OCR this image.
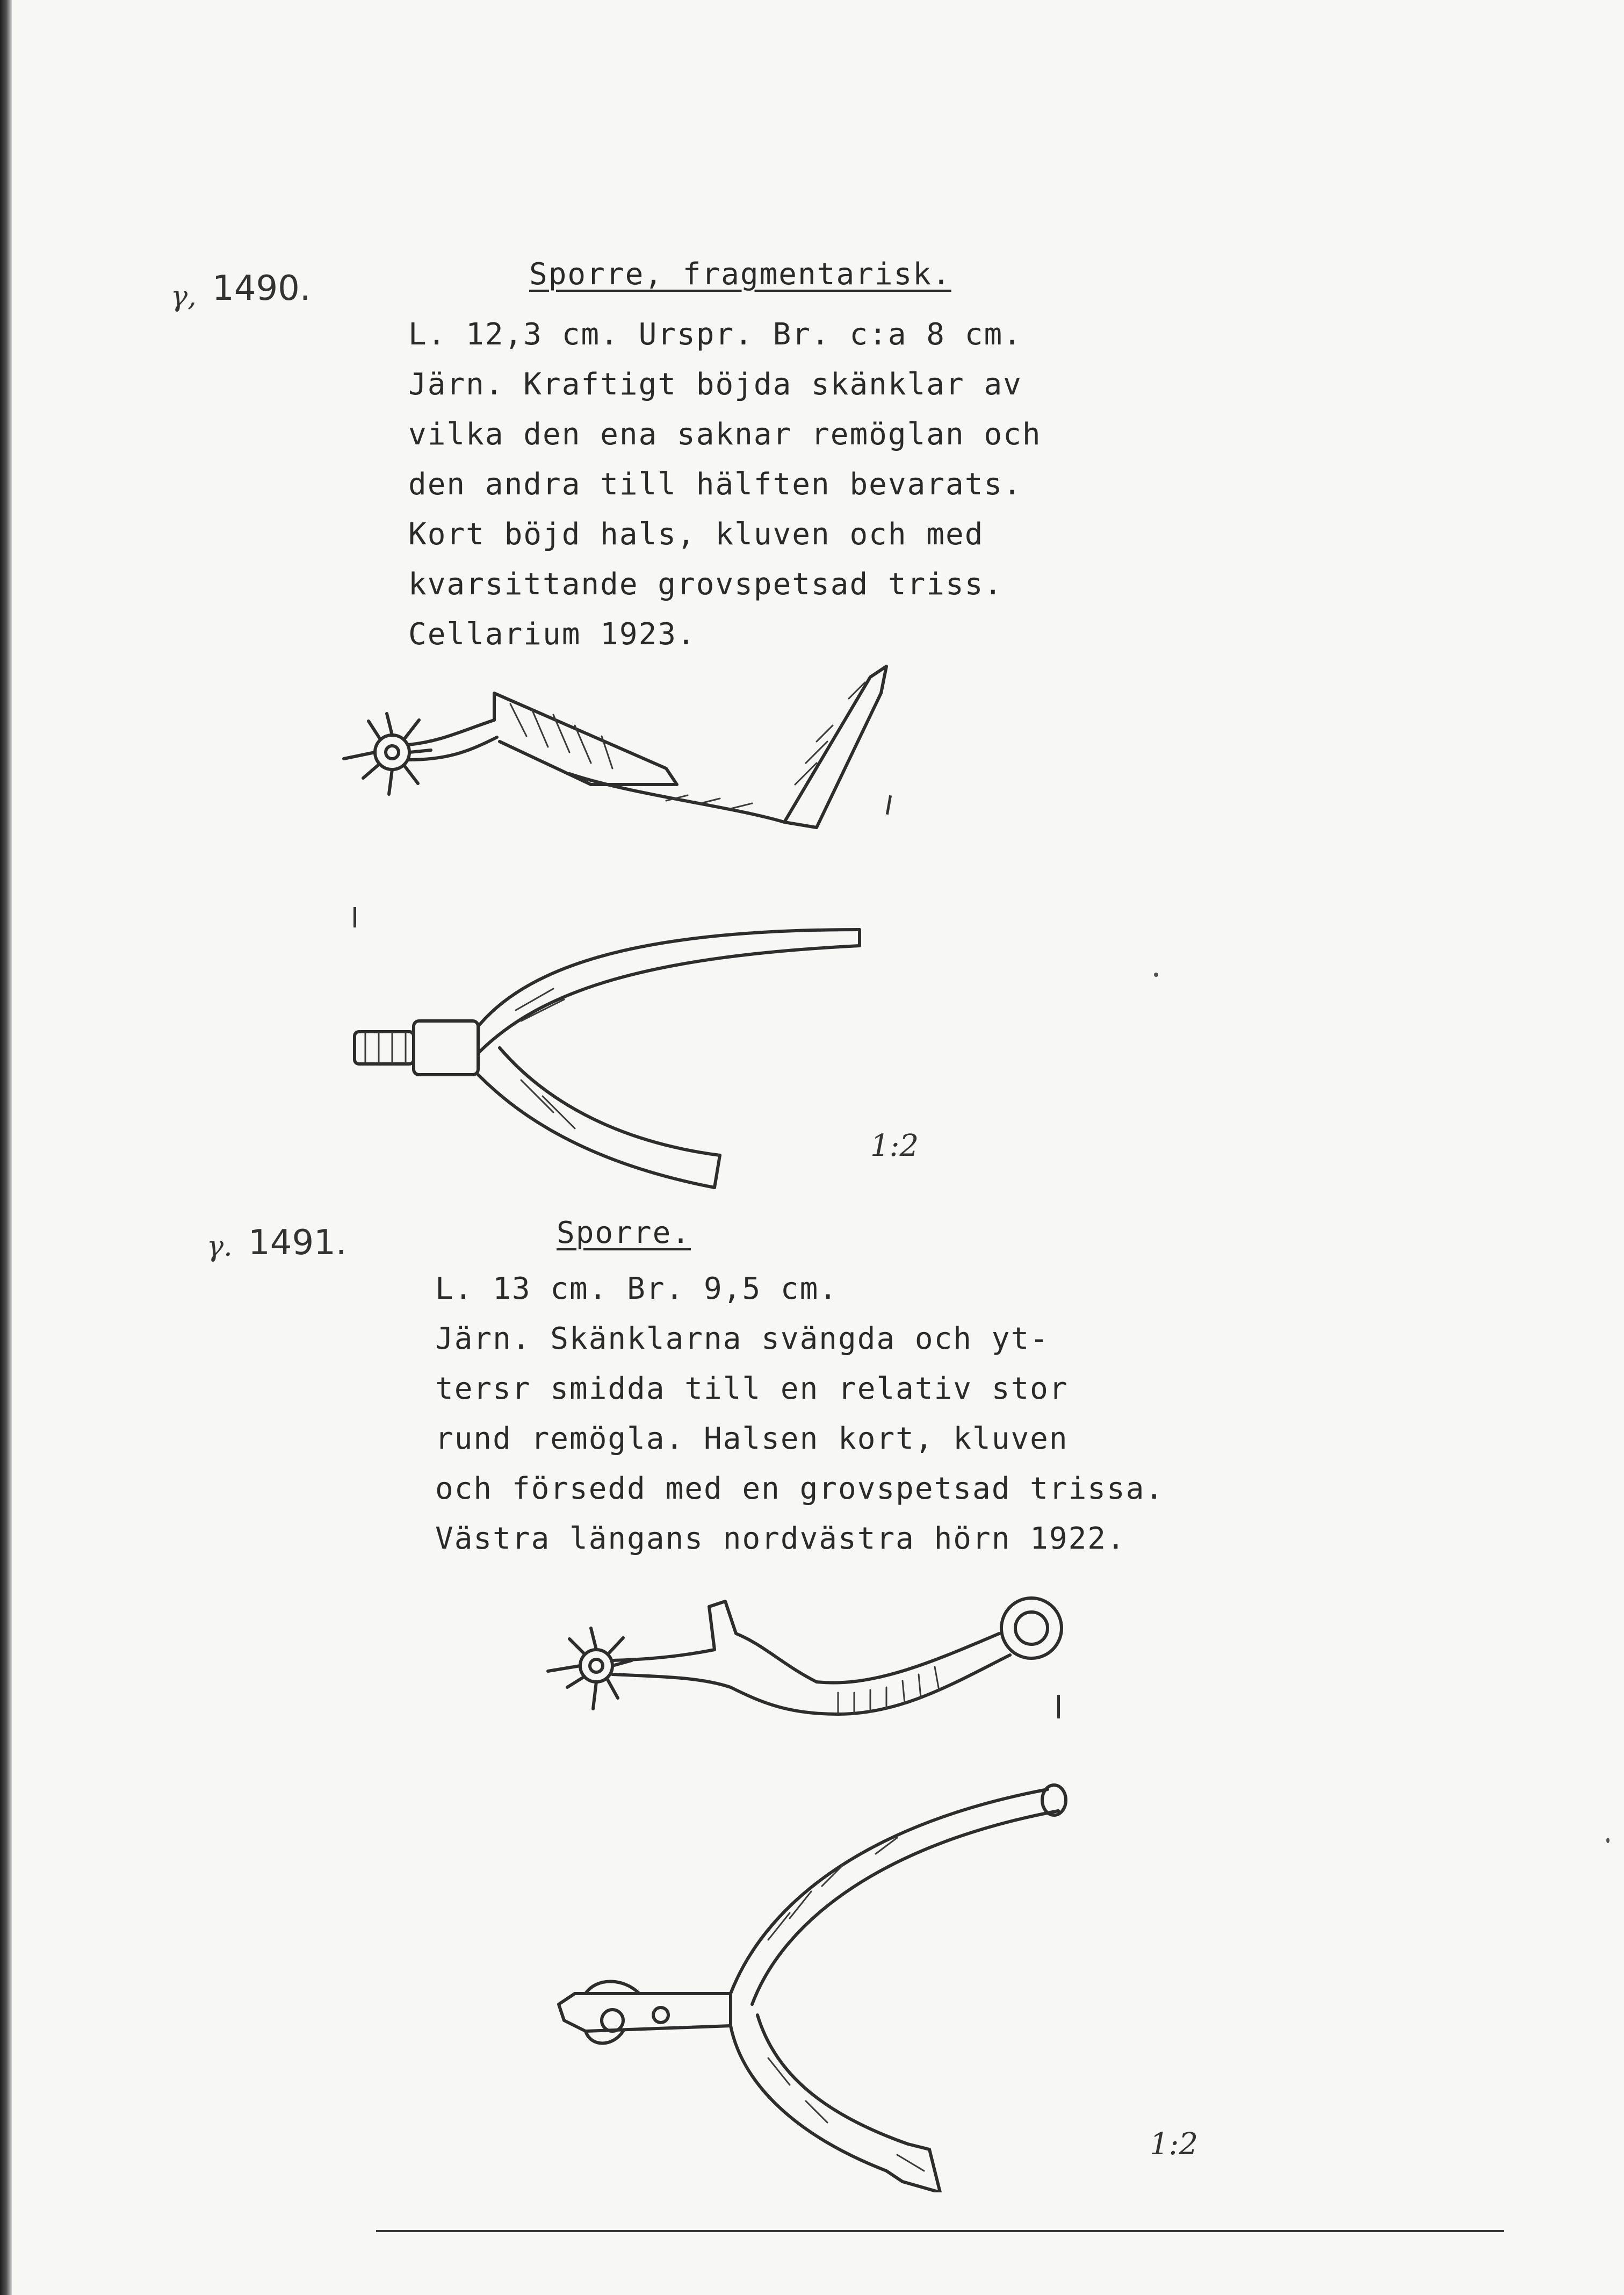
γ, 1490.	Sporre, fragmentarisk.
L. 12,3 cm. Urspr. Br. c:a 8 cm.
Järn. Kraftigt böjda skänklar av
vilka den ena saknar remöglan och
den andra till hälften bevarats.
Kort böjd hals, kluven och med
kvarsittande grovspetsad triss.
Cellarium 1923.
1:2
γ. 1491.	Sporre.
L. 13 cm. Br. 9,5 cm.
Järn. Skänklarna svängda och yt-
tersr smidda till en relativ stor
rund remögla. Halsen kort, kluven
och försedd med en grovspetsad trissa.
Västra längans nordvästra hörn 1922.
1:2
